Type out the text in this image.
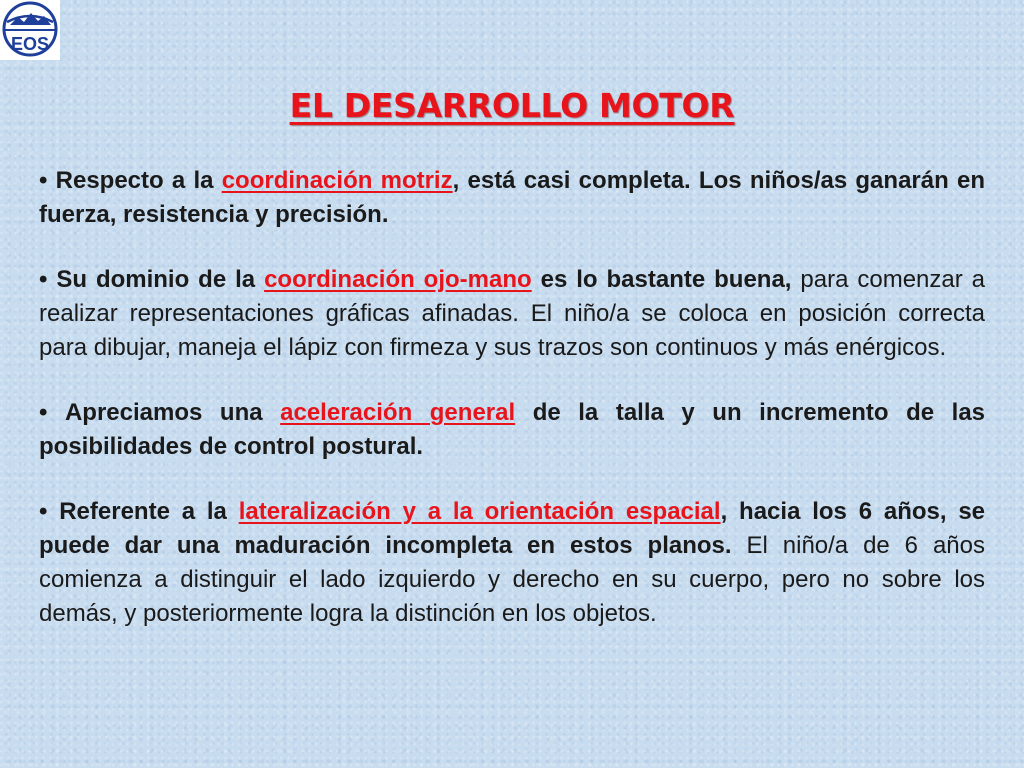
EOS
EL DESARROLLO MOTOR

• Respecto a la coordinación motriz, está casi completa. Los niños/as ganarán en fuerza, resistencia y precisión.

• Su dominio de la coordinación ojo-mano es lo bastante buena, para comenzar a realizar representaciones gráficas afinadas. El niño/a se coloca en posición correcta para dibujar, maneja el lápiz con firmeza y sus trazos son continuos y más enérgicos.

• Apreciamos una aceleración general de la talla y un incremento de las posibilidades de control postural.

• Referente a la lateralización y a la orientación espacial, hacia los 6 años, se puede dar una maduración incompleta en estos planos. El niño/a de 6 años comienza a distinguir el lado izquierdo y derecho en su cuerpo, pero no sobre los demás, y posteriormente logra la distinción en los objetos.
